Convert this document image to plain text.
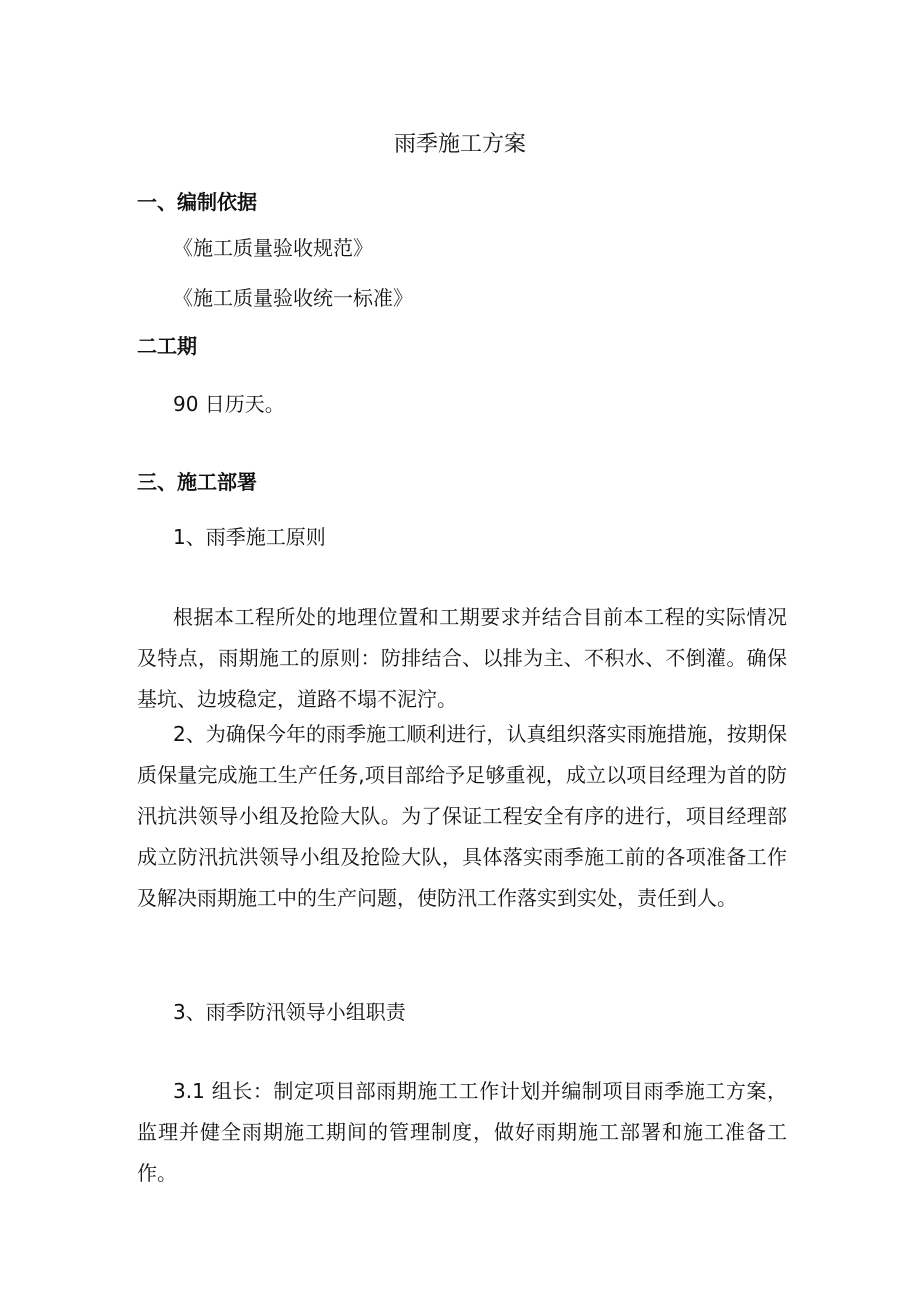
雨季施工方案
一、编制依据

《施工质量验收规范》

《施工质量验收统一标准》

二工期

90 日历天。

三、施工部署

1、雨季施工原则

根据本工程所处的地理位置和工期要求并结合目前本工程的实际情况及特点，雨期施工的原则：防排结合、以排为主、不积水、不倒灌。确保基坑、边坡稳定，道路不塌不泥泞。

2、为确保今年的雨季施工顺利进行，认真组织落实雨施措施，按期保质保量完成施工生产任务,项目部给予足够重视，成立以项目经理为首的防汛抗洪领导小组及抢险大队。为了保证工程安全有序的进行，项目经理部成立防汛抗洪领导小组及抢险大队，具体落实雨季施工前的各项准备工作及解决雨期施工中的生产问题，使防汛工作落实到实处，责任到人。

3、雨季防汛领导小组职责

3.1 组长：制定项目部雨期施工工作计划并编制项目雨季施工方案，监理并健全雨期施工期间的管理制度，做好雨期施工部署和施工准备工作。
